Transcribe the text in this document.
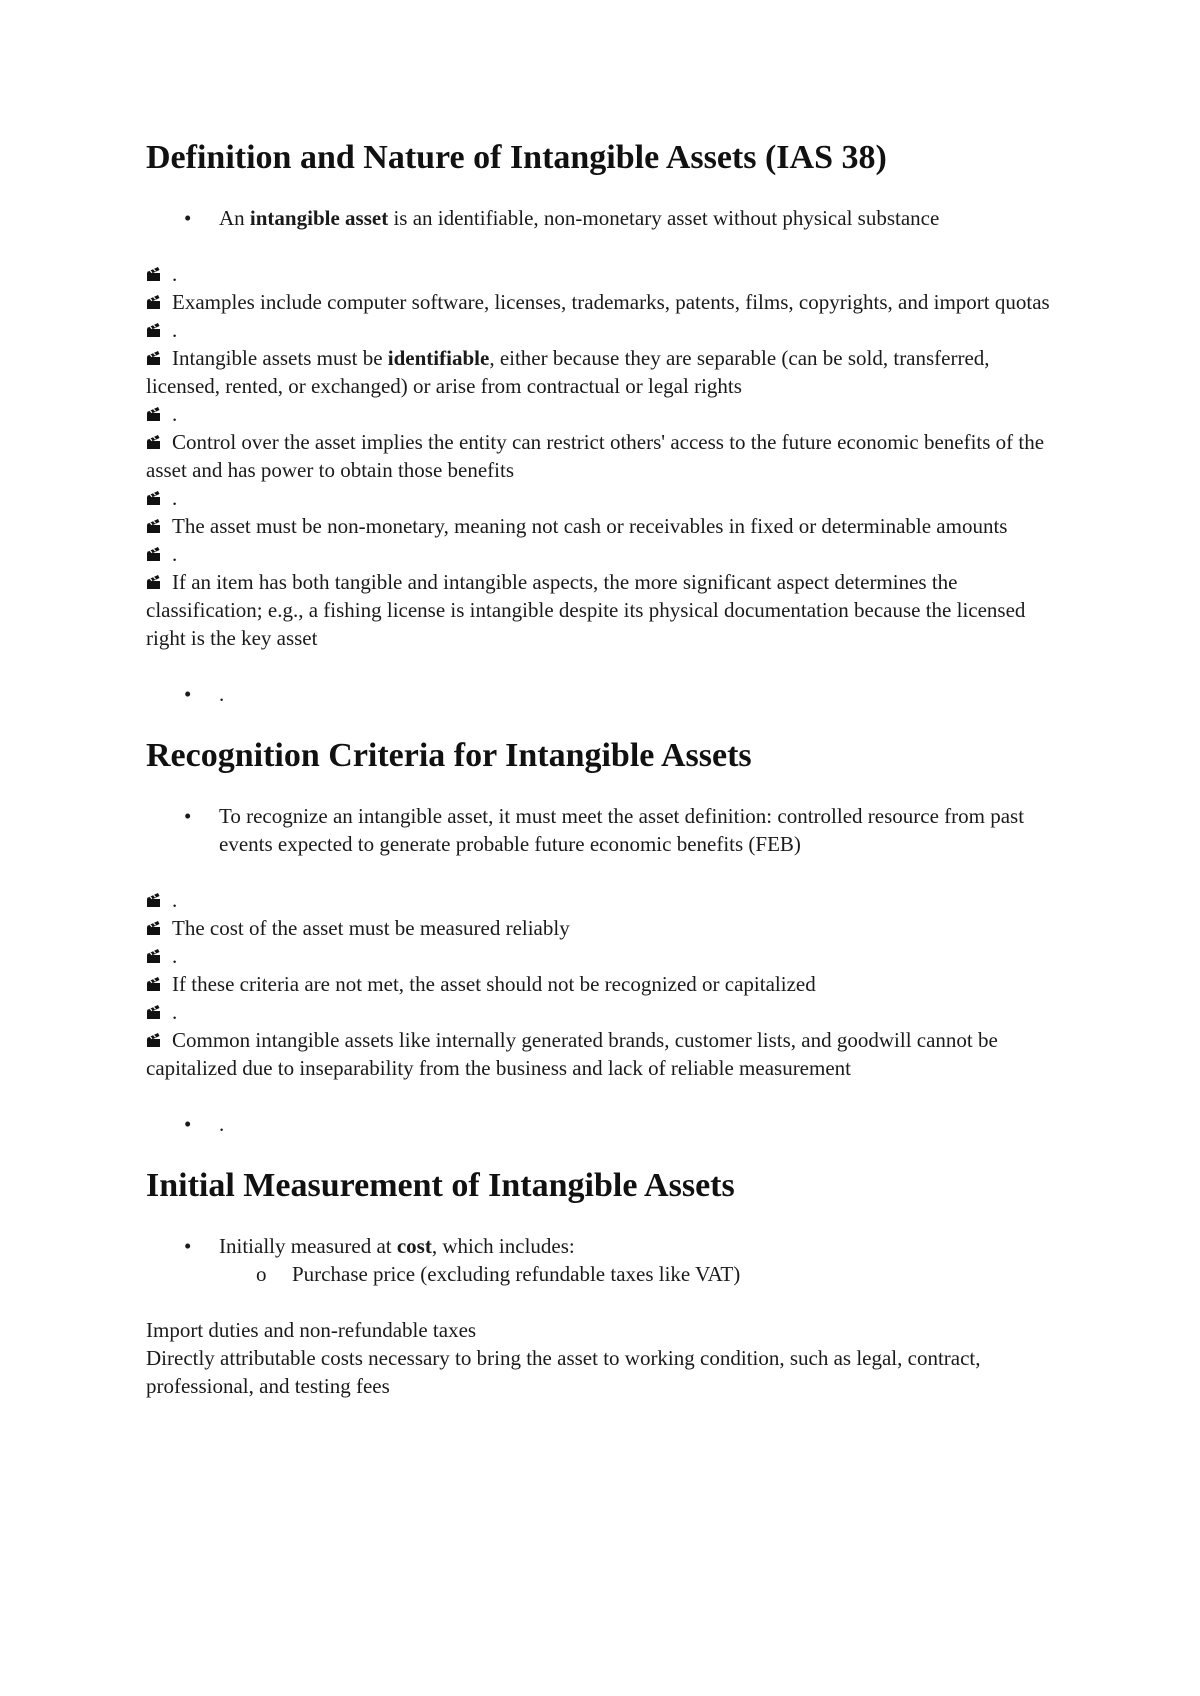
Definition and Nature of Intangible Assets (IAS 38)
• An intangible asset is an identifiable, non-monetary asset without physical substance

.

Examples include computer software, licenses, trademarks, patents, films, copyrights, and import quotas

.

Intangible assets must be identifiable, either because they are separable (can be sold, transferred, licensed, rented, or exchanged) or arise from contractual or legal rights

.

Control over the asset implies the entity can restrict others' access to the future economic benefits of the asset and has power to obtain those benefits

.

The asset must be non-monetary, meaning not cash or receivables in fixed or determinable amounts

.

If an item has both tangible and intangible aspects, the more significant aspect determines the classification; e.g., a fishing license is intangible despite its physical documentation because the licensed right is the key asset

• .
Recognition Criteria for Intangible Assets
• To recognize an intangible asset, it must meet the asset definition: controlled resource from past events expected to generate probable future economic benefits (FEB)

.

The cost of the asset must be measured reliably

.

If these criteria are not met, the asset should not be recognized or capitalized

.

Common intangible assets like internally generated brands, customer lists, and goodwill cannot be capitalized due to inseparability from the business and lack of reliable measurement

• .
Initial Measurement of Intangible Assets
• Initially measured at cost, which includes:
o Purchase price (excluding refundable taxes like VAT)

Import duties and non-refundable taxes

Directly attributable costs necessary to bring the asset to working condition, such as legal, contract, professional, and testing fees
